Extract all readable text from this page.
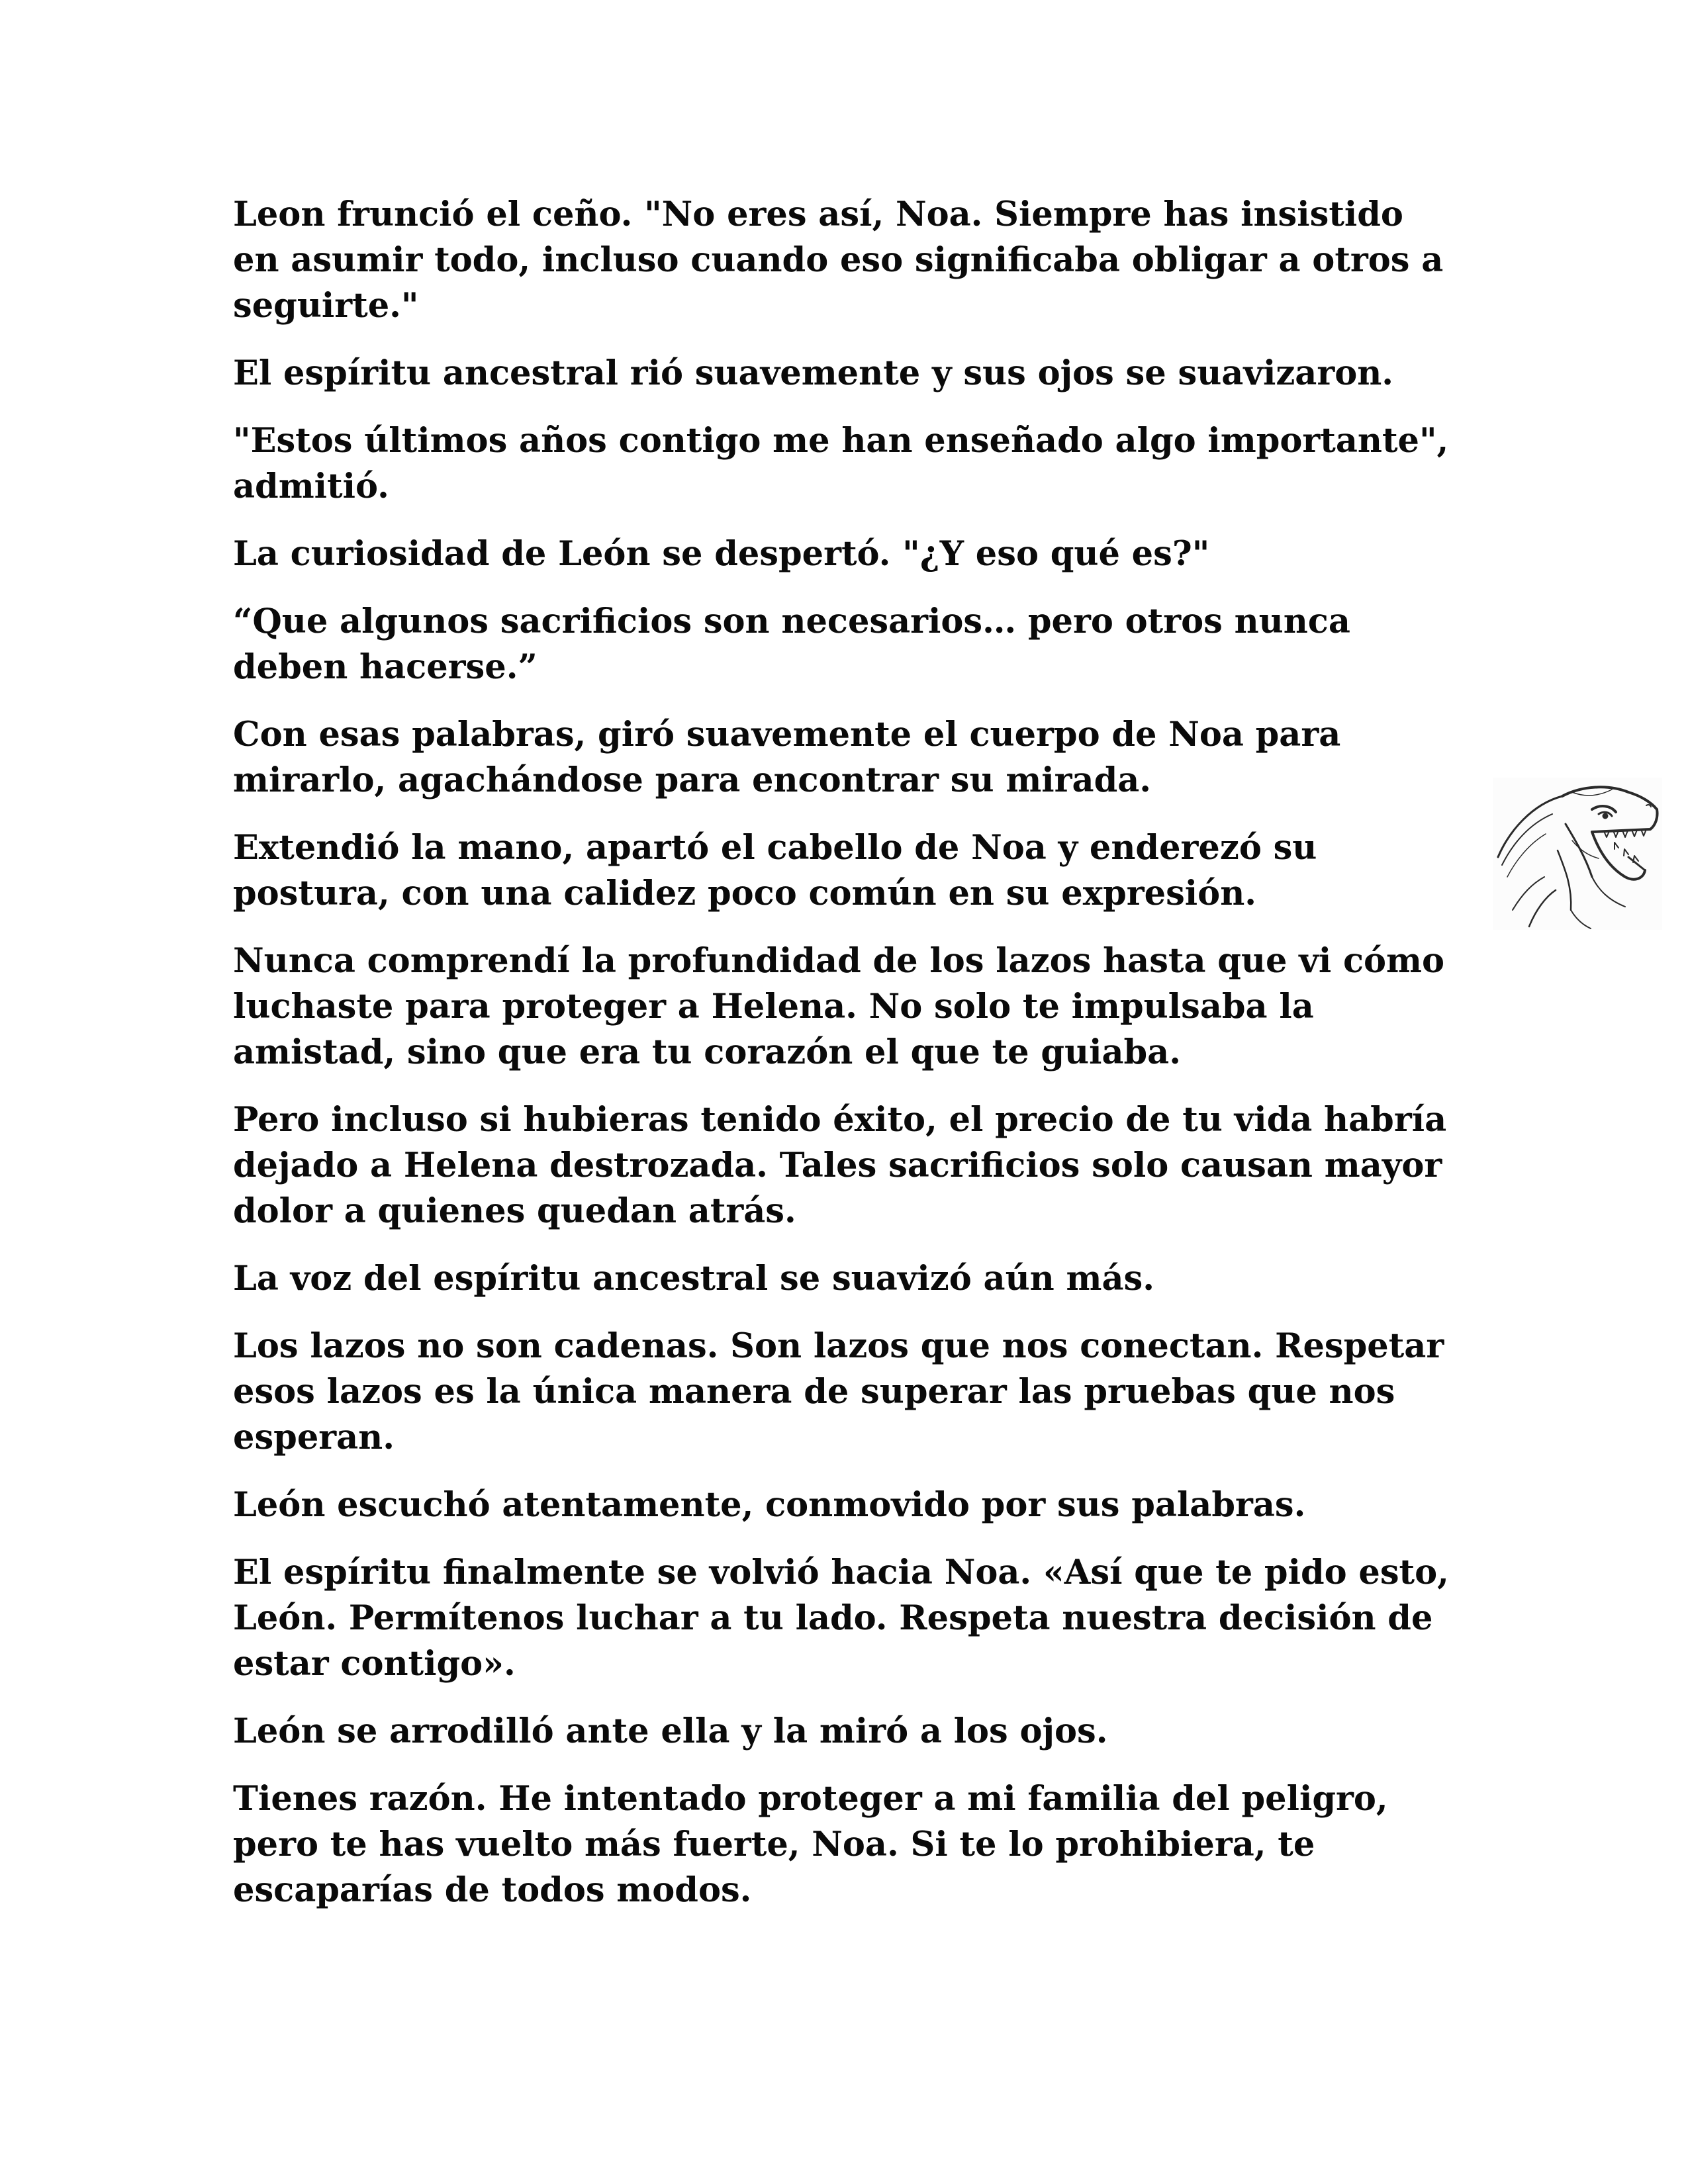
Leon frunció el ceño. "No eres así, Noa. Siempre has insistido en asumir todo, incluso cuando eso significaba obligar a otros a seguirte."

El espíritu ancestral rió suavemente y sus ojos se suavizaron.

"Estos últimos años contigo me han enseñado algo importante", admitió.

La curiosidad de León se despertó. "¿Y eso qué es?"

“Que algunos sacrificios son necesarios… pero otros nunca deben hacerse.”

Con esas palabras, giró suavemente el cuerpo de Noa para mirarlo, agachándose para encontrar su mirada.

Extendió la mano, apartó el cabello de Noa y enderezó su postura, con una calidez poco común en su expresión.

Nunca comprendí la profundidad de los lazos hasta que vi cómo luchaste para proteger a Helena. No solo te impulsaba la amistad, sino que era tu corazón el que te guiaba.

Pero incluso si hubieras tenido éxito, el precio de tu vida habría dejado a Helena destrozada. Tales sacrificios solo causan mayor dolor a quienes quedan atrás.

La voz del espíritu ancestral se suavizó aún más.

Los lazos no son cadenas. Son lazos que nos conectan. Respetar esos lazos es la única manera de superar las pruebas que nos esperan.

León escuchó atentamente, conmovido por sus palabras.

El espíritu finalmente se volvió hacia Noa. «Así que te pido esto, León. Permítenos luchar a tu lado. Respeta nuestra decisión de estar contigo».

León se arrodilló ante ella y la miró a los ojos.

Tienes razón. He intentado proteger a mi familia del peligro, pero te has vuelto más fuerte, Noa. Si te lo prohibiera, te escaparías de todos modos.
